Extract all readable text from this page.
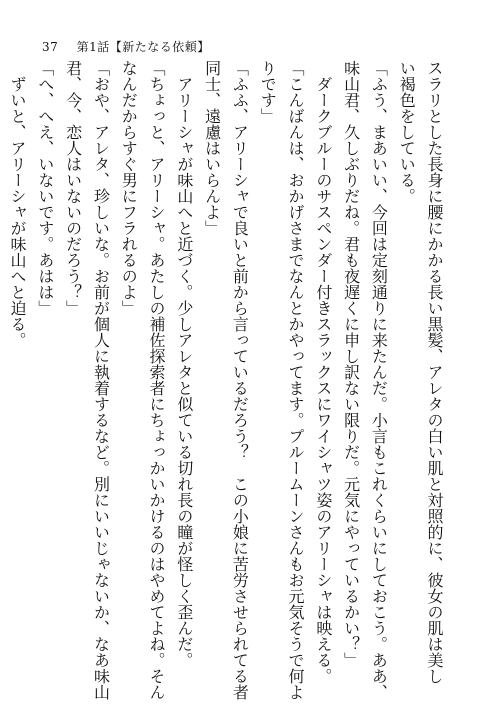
37 第1話【新たなる依頼】
スラリとした長身に腰にかかる長い黒髪、アレタの白い肌と対照的に、彼女の肌は美し
い褐色をしている。
「ふう、まあいい、今回は定刻通りに来たんだ。小言もこれくらいにしておこう。ああ、
味山君、久しぶりだね。君も夜遅くに申し訳ない限りだ。元気にやっているかい？」
　ダークブルーのサスペンダー付きスラックスにワイシャツ姿のアリーシャは映える。
「こんばんは、おかげさまでなんとかやってます。プルームーンさんもお元気そうで何よ
りです」
「ふふ、アリーシャで良いと前から言っているだろう？　この小娘に苦労させられてる者
同士、遠慮はいらんよ」
　アリーシャが味山へと近づく。少しアレタと似ている切れ長の瞳が怪しく歪んだ。
「ちょっと、アリーシャ。あたしの補佐探索者にちょっかいかけるのはやめてよね。そん
なんだからすぐ男にフラれるのよ」
「おや、アレタ、珍しいな。お前が個人に執着するなど。別にいいじゃないか、なあ味山
君、今、恋人はいないのだろう？」
「へ、へえ、いないです。あはは」
　ずいと、アリーシャが味山へと迫る。
